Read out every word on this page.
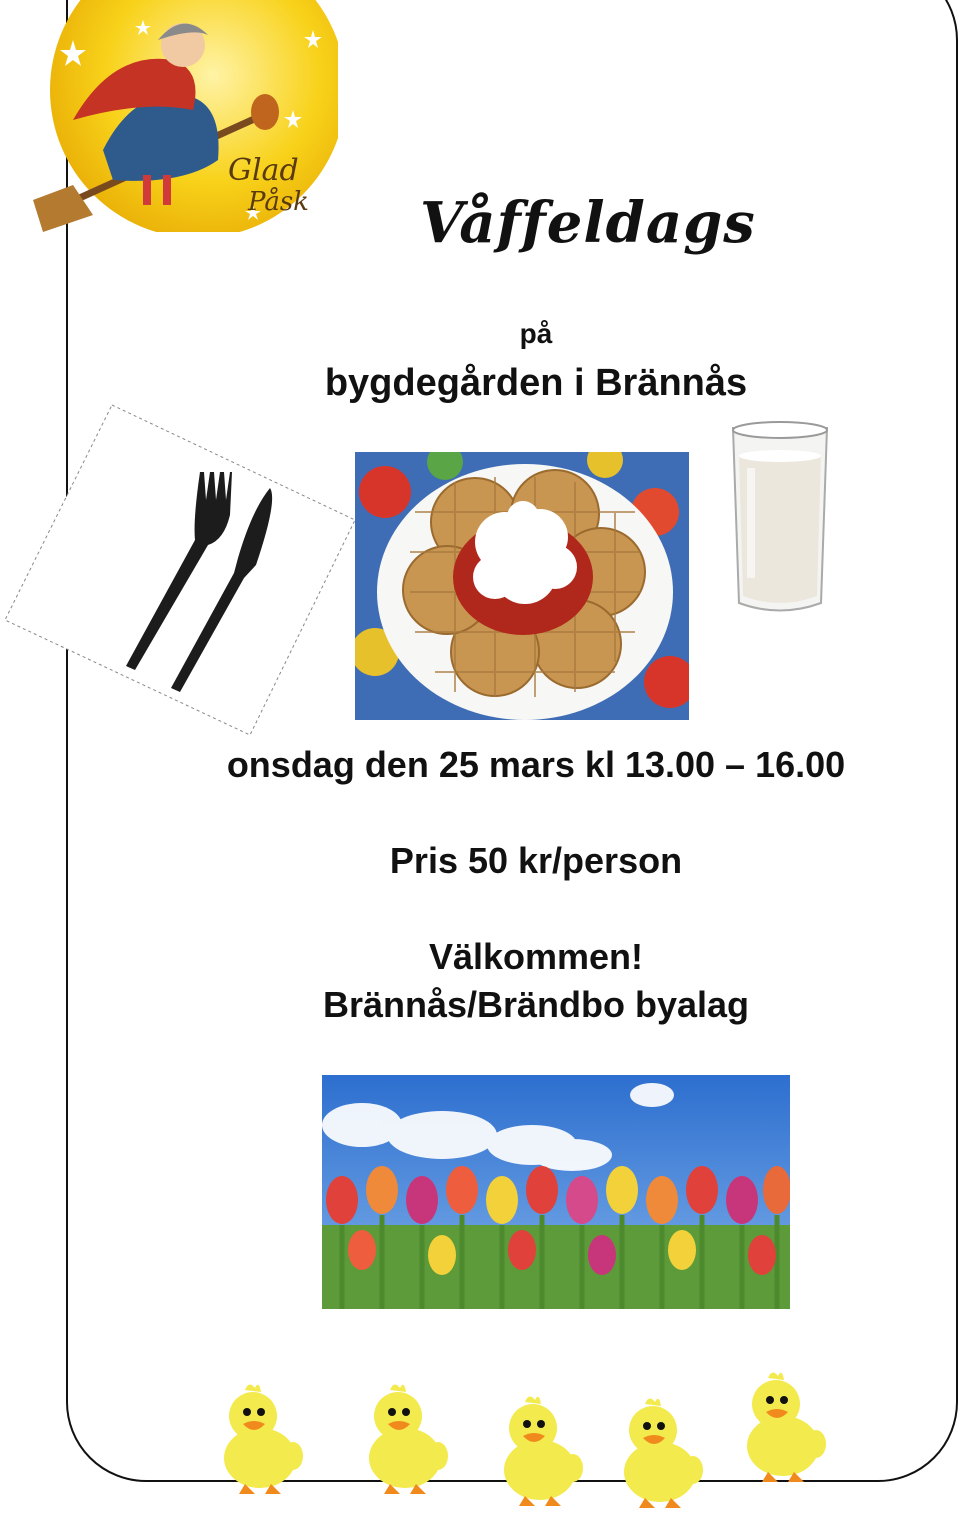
Glad
Påsk Våffeldags
på
bygdegården i Brännås
onsdag den 25 mars kl 13.00 – 16.00
Pris 50 kr/person
Välkommen!
Brännås/Brändbo byalag
